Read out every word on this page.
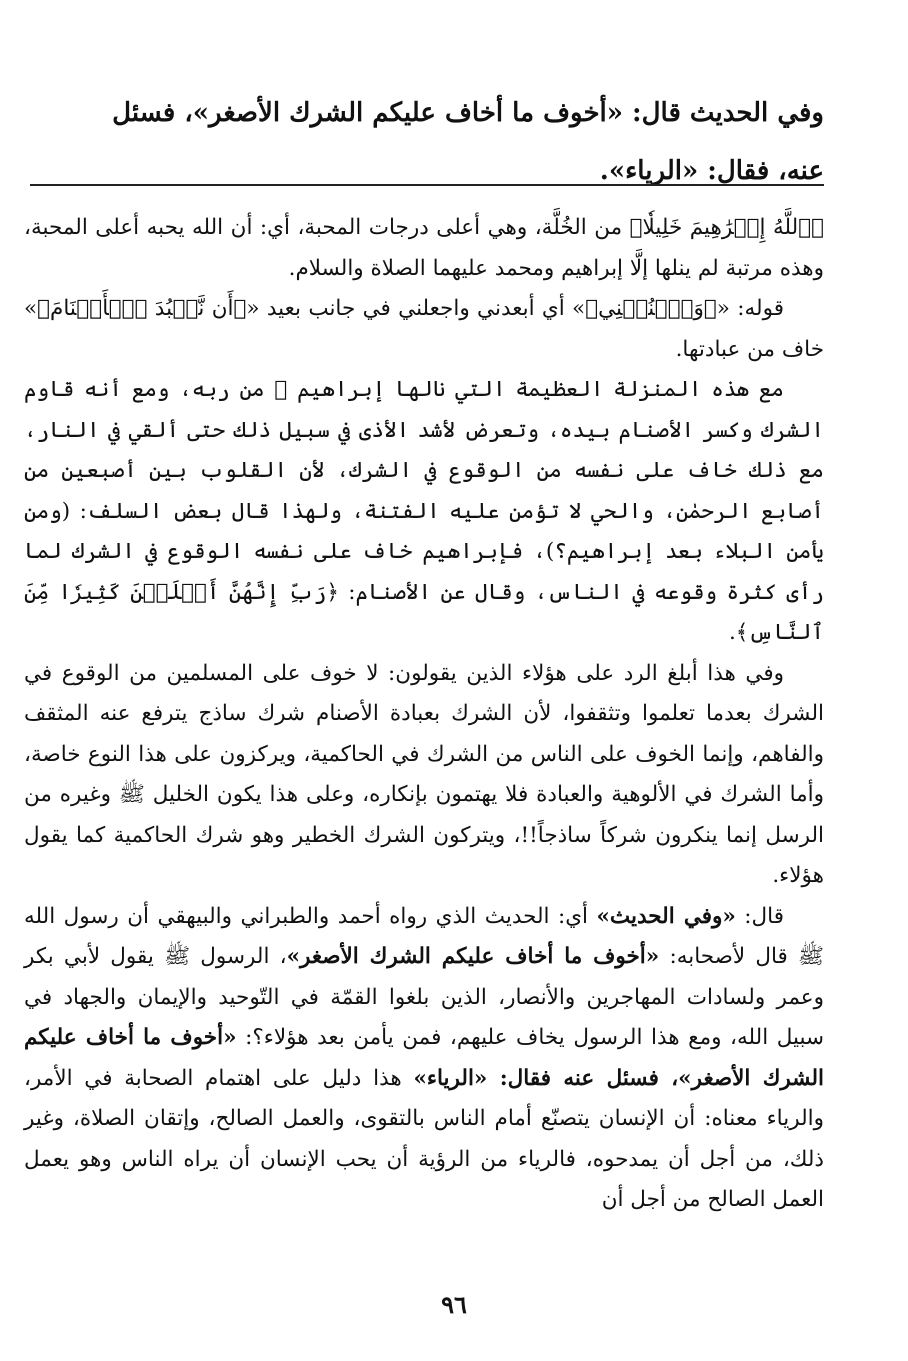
وفي الحديث قال: «أخوف ما أخاف عليكم الشرك الأصغر»، فسئل

عنه، فقال: «الرياء».

﴿ٱللَّهُ إِبۡرَٰهِيمَ خَلِيلٗا﴾ من الخُلَّة، وهي أعلى درجات المحبة، أي: أن الله يحبه أعلى المحبة، وهذه مرتبة لم ينلها إلَّا إبراهيم ومحمد عليهما الصلاة والسلام.

قوله: «﴿وَٱجۡنُبۡنِي﴾» أي أبعدني واجعلني في جانب بعيد «﴿أَن نَّعۡبُدَ ٱلۡأَصۡنَامَ﴾» خاف من عبادتها.

مع هذه المنزلة العظيمة التي نالها إبراهيم ﷺ من ربه، ومع أنه قاوم الشرك وكسر الأصنام بيده، وتعرض لأشد الأذى في سبيل ذلك حتى ألقي في النار، مع ذلك خاف على نفسه من الوقوع في الشرك، لأن القلوب بين أصبعين من أصابع الرحمٰن، والحي لا تؤمن عليه الفتنة، ولهذا قال بعض السلف: (ومن يأمن البلاء بعد إبراهيم؟)، فإبراهيم خاف على نفسه الوقوع في الشرك لما رأى كثرة وقوعه في الناس، وقال عن الأصنام: ﴿رَبِّ إِنَّهُنَّ أَضۡلَلۡنَ كَثِيرٗا مِّنَ ٱلنَّاسِ﴾.

وفي هذا أبلغ الرد على هؤلاء الذين يقولون: لا خوف على المسلمين من الوقوع في الشرك بعدما تعلموا وتثقفوا، لأن الشرك بعبادة الأصنام شرك ساذج يترفع عنه المثقف والفاهم، وإنما الخوف على الناس من الشرك في الحاكمية، ويركزون على هذا النوع خاصة، وأما الشرك في الألوهية والعبادة فلا يهتمون بإنكاره، وعلى هذا يكون الخليل ﷺ وغيره من الرسل إنما ينكرون شركاً ساذجاً!!، ويتركون الشرك الخطير وهو شرك الحاكمية كما يقول هؤلاء.

قال: «وفي الحديث» أي: الحديث الذي رواه أحمد والطبراني والبيهقي أن رسول الله ﷺ قال لأصحابه: «أخوف ما أخاف عليكم الشرك الأصغر»، الرسول ﷺ يقول لأبي بكر وعمر ولسادات المهاجرين والأنصار، الذين بلغوا القمّة في التّوحيد والإيمان والجهاد في سبيل الله، ومع هذا الرسول يخاف عليهم، فمن يأمن بعد هؤلاء؟: «أخوف ما أخاف عليكم الشرك الأصغر»، فسئل عنه فقال: «الرياء» هذا دليل على اهتمام الصحابة في الأمر، والرياء معناه: أن الإنسان يتصنّع أمام الناس بالتقوى، والعمل الصالح، وإتقان الصلاة، وغير ذلك، من أجل أن يمدحوه، فالرياء من الرؤية أن يحب الإنسان أن يراه الناس وهو يعمل العمل الصالح من أجل أن

٩٦
